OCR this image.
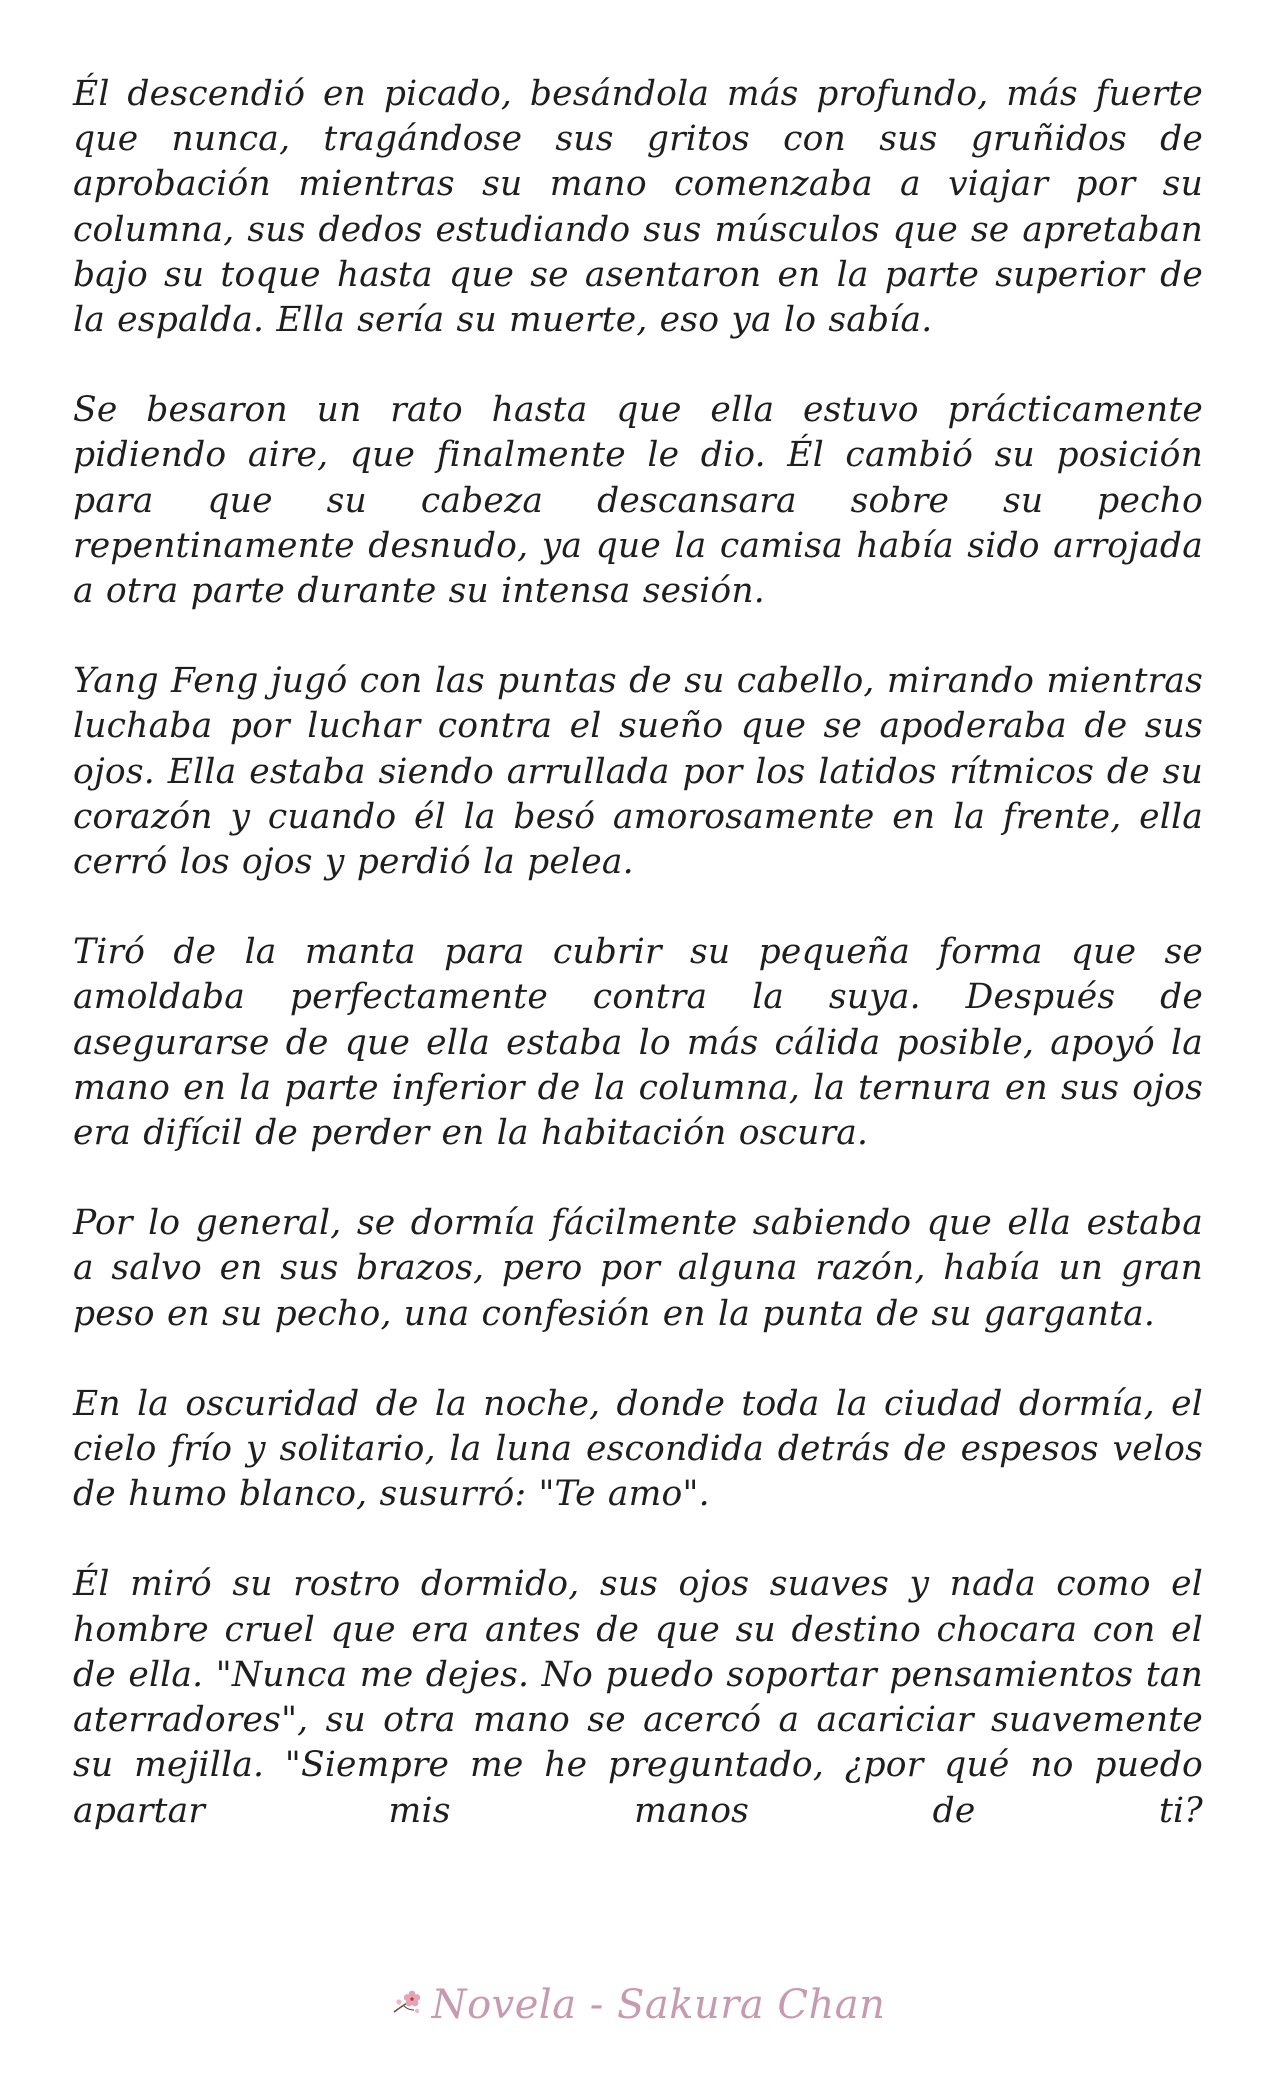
Él descendió en picado, besándola más profundo, más fuerte que nunca, tragándose sus gritos con sus gruñidos de aprobación mientras su mano comenzaba a viajar por su columna, sus dedos estudiando sus músculos que se apretaban bajo su toque hasta que se asentaron en la parte superior de la espalda. Ella sería su muerte, eso ya lo sabía.

Se besaron un rato hasta que ella estuvo prácticamente pidiendo aire, que finalmente le dio. Él cambió su posición para que su cabeza descansara sobre su pecho repentinamente desnudo, ya que la camisa había sido arrojada a otra parte durante su intensa sesión.

Yang Feng jugó con las puntas de su cabello, mirando mientras luchaba por luchar contra el sueño que se apoderaba de sus ojos. Ella estaba siendo arrullada por los latidos rítmicos de su corazón y cuando él la besó amorosamente en la frente, ella cerró los ojos y perdió la pelea.

Tiró de la manta para cubrir su pequeña forma que se amoldaba perfectamente contra la suya. Después de asegurarse de que ella estaba lo más cálida posible, apoyó la mano en la parte inferior de la columna, la ternura en sus ojos era difícil de perder en la habitación oscura.

Por lo general, se dormía fácilmente sabiendo que ella estaba a salvo en sus brazos, pero por alguna razón, había un gran peso en su pecho, una confesión en la punta de su garganta.

En la oscuridad de la noche, donde toda la ciudad dormía, el cielo frío y solitario, la luna escondida detrás de espesos velos de humo blanco, susurró: "Te amo".

Él miró su rostro dormido, sus ojos suaves y nada como el hombre cruel que era antes de que su destino chocara con el de ella. "Nunca me dejes. No puedo soportar pensamientos tan aterradores", su otra mano se acercó a acariciar suavemente su mejilla. "Siempre me he preguntado, ¿por qué no puedo apartar mis manos de ti?

Novela - Sakura Chan
